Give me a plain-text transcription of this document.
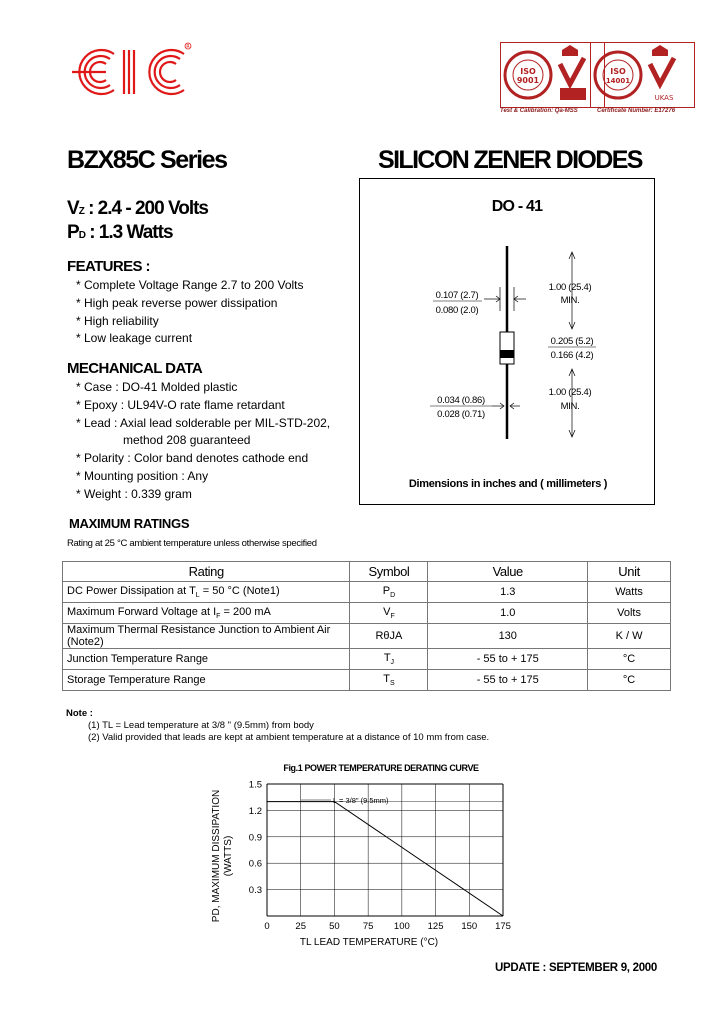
R
ISO
9001
ISO
14001
UKAS
Test & Calibration: Qa-MSS	Certificate Number: E17276
BZX85C Series	SILICON ZENER DIODES
VZ : 2.4 - 200 Volts
PD : 1.3 Watts
FEATURES :
* Complete Voltage Range 2.7 to 200 Volts
* High peak reverse power dissipation
* High reliability
* Low leakage current
MECHANICAL DATA
* Case : DO-41 Molded plastic
* Epoxy : UL94V-O rate flame retardant
* Lead : Axial lead solderable per MIL-STD-202,
method 208 guaranteed
* Polarity : Color band denotes cathode end
* Mounting position : Any
* Weight : 0.339 gram
DO - 41
0.107 (2.7)
0.080 (2.0)
1.00 (25.4)
MIN.
0.205 (5.2)
0.166 (4.2)
1.00 (25.4)
MIN.
0.034 (0.86)
0.028 (0.71)
Dimensions in inches and ( millimeters )
MAXIMUM RATINGS
Rating at 25 °C ambient temperature unless otherwise specified
Rating	Symbol	Value	Unit
DC Power Dissipation at $T_L = 50$ °C (Note1)	$P_D$	1.3	Watts
Maximum Forward Voltage at $I_F = 200$ mA	$V_F$	1.0	Volts
Maximum Thermal Resistance Junction to Ambient Air (Note2)	RθJA	130	K / W
Junction Temperature Range	$T_J$	- 55 to + 175	°C
Storage Temperature Range	$T_S$	- 55 to + 175	°C
Note :
(1) TL = Lead temperature at 3/8 " (9.5mm) from body
(2) Valid provided that leads are kept at ambient temperature at a distance of 10 mm from case.
Fig.1 POWER TEMPERATURE DERATING CURVE
0	25 50 75 100 125 150 175
0.3
0.6
0.9
1.2
1.5
L = 3/8" (9.5mm)
TL LEAD TEMPERATURE (°C)
PD, MAXIMUM DISSIPATION (WATTS)
UPDATE : SEPTEMBER 9, 2000
